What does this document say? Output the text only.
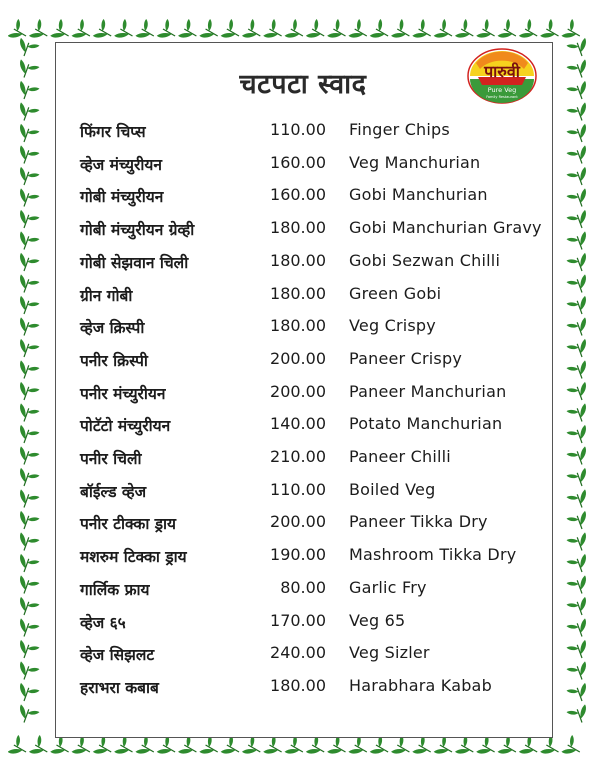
चटपटा स्वाद	पारुवी
Pure Veg
Family Restaurant
फिंगर चिप्स	110.00 Finger Chips
व्हेज मंच्युरीयन	160.00 Veg Manchurian
गोबी मंच्युरीयन	160.00 Gobi Manchurian
गोबी मंच्युरीयन ग्रेव्ही	180.00 Gobi Manchurian Gravy
गोबी सेझवान चिली	180.00 Gobi Sezwan Chilli
ग्रीन गोबी	180.00 Green Gobi
व्हेज क्रिस्पी	180.00 Veg Crispy
पनीर क्रिस्पी	200.00 Paneer Crispy
पनीर मंच्युरीयन	200.00 Paneer Manchurian
पोटॅटो मंच्युरीयन	140.00 Potato Manchurian
पनीर चिली	210.00 Paneer Chilli
बॉईल्ड व्हेज	110.00 Boiled Veg
पनीर टीक्का ड्राय	200.00 Paneer Tikka Dry
मशरुम टिक्का ड्राय	190.00 Mashroom Tikka Dry
गार्लिक फ्राय	80.00 Garlic Fry
व्हेज ६५	170.00 Veg 65
व्हेज सिझलट	240.00 Veg Sizler
हराभरा कबाब	180.00 Harabhara Kabab
